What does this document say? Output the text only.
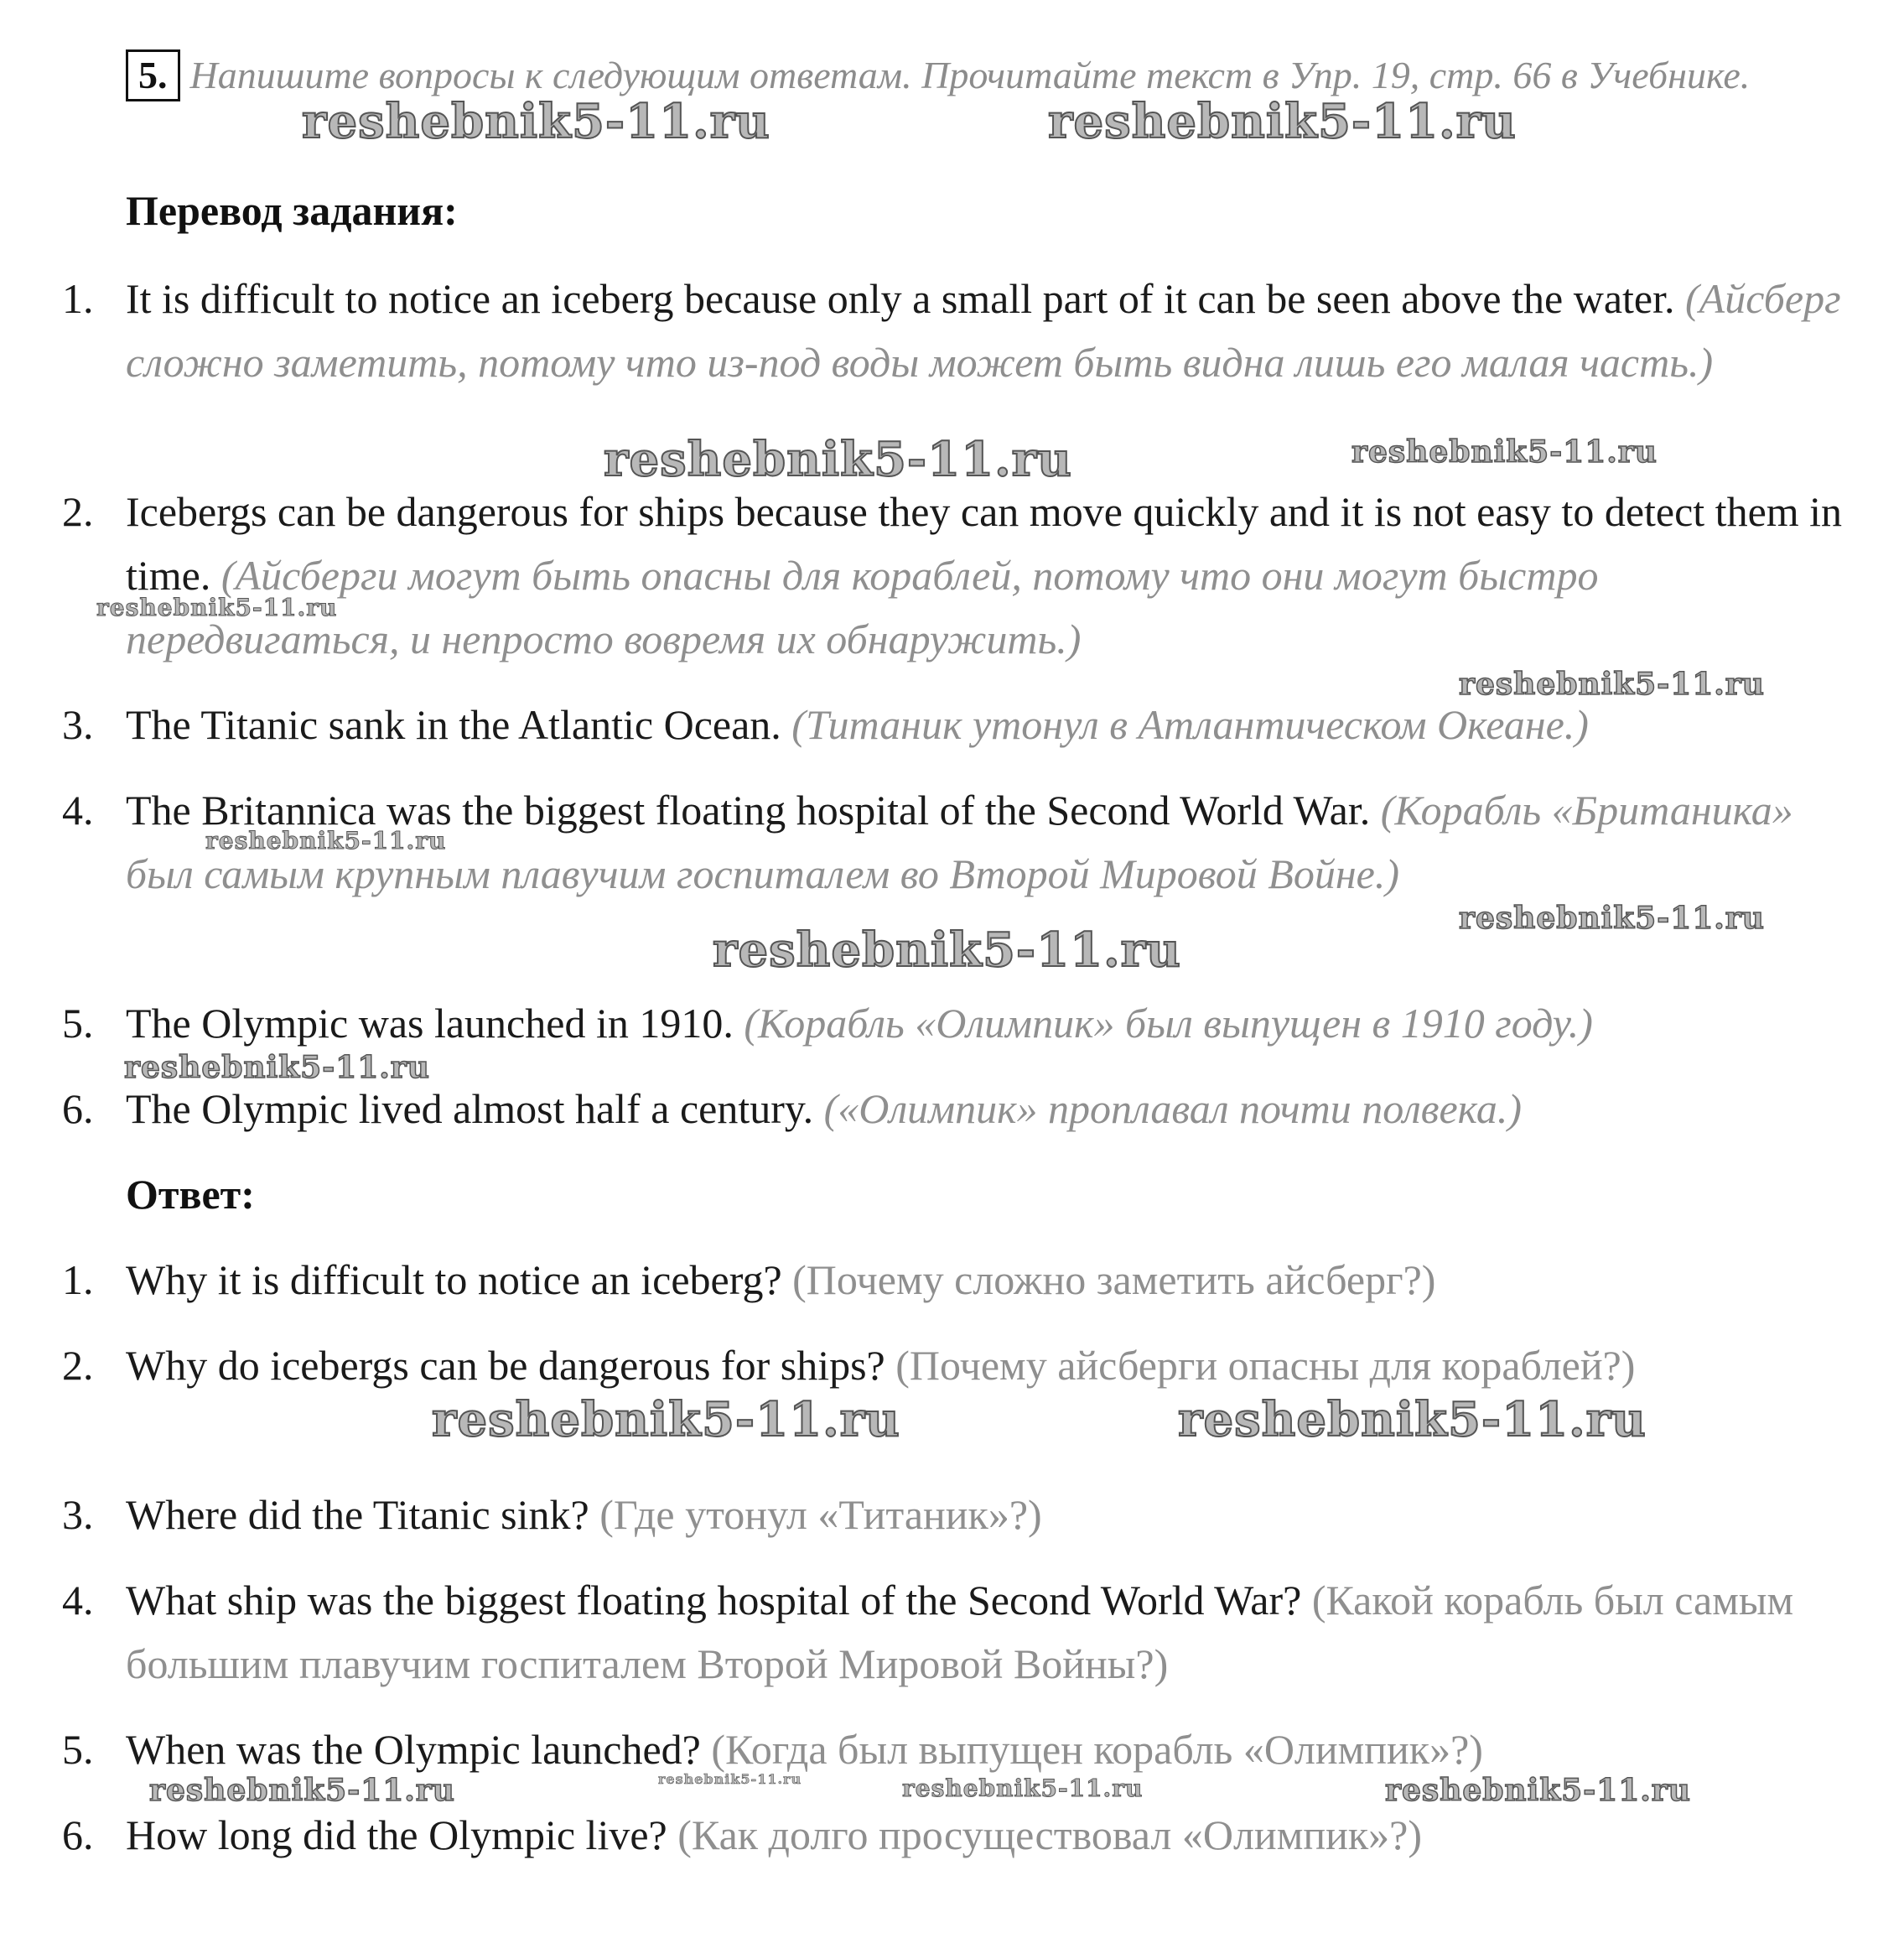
5. Напишите вопросы к следующим ответам. Прочитайте текст в Упр. 19, стр. 66 в Учебнике.
Перевод задания:
1. It is difficult to notice an iceberg because only a small part of it can be seen above the water. (Айсберг сложно заметить, потому что из-под воды может быть видна лишь его малая часть.)
2. Icebergs can be dangerous for ships because they can move quickly and it is not easy to detect them in time. (Айсберги могут быть опасны для кораблей, потому что они могут быстро передвигаться, и непросто вовремя их обнаружить.)
3. The Titanic sank in the Atlantic Ocean. (Титаник утонул в Атлантическом Океане.)
4. The Britannica was the biggest floating hospital of the Second World War. (Корабль «Британика» был самым крупным плавучим госпиталем во Второй Мировой Войне.)
5. The Olympic was launched in 1910. (Корабль «Олимпик» был выпущен в 1910 году.)
6. The Olympic lived almost half a century. («Олимпик» проплавал почти полвека.)
Ответ:
1. Why it is difficult to notice an iceberg? (Почему сложно заметить айсберг?)
2. Why do icebergs can be dangerous for ships? (Почему айсберги опасны для кораблей?)
3. Where did the Titanic sink? (Где утонул «Титаник»?)
4. What ship was the biggest floating hospital of the Second World War? (Какой корабль был самым большим плавучим госпиталем Второй Мировой Войны?)
5. When was the Olympic launched? (Когда был выпущен корабль «Олимпик»?)
6. How long did the Olympic live? (Как долго просуществовал «Олимпик»?)
reshebnik5-11.ru	reshebnik5-11.ru
reshebnik5-11.ru	reshebnik5-11.ru
reshebnik5-11.ru
reshebnik5-11.ru
reshebnik5-11.ru
reshebnik5-11.ru
reshebnik5-11.ru
reshebnik5-11.ru
reshebnik5-11.ru	reshebnik5-11.ru
reshebnik5-11.ru	reshebnik5-11.ru	reshebnik5-11.ru	reshebnik5-11.ru
